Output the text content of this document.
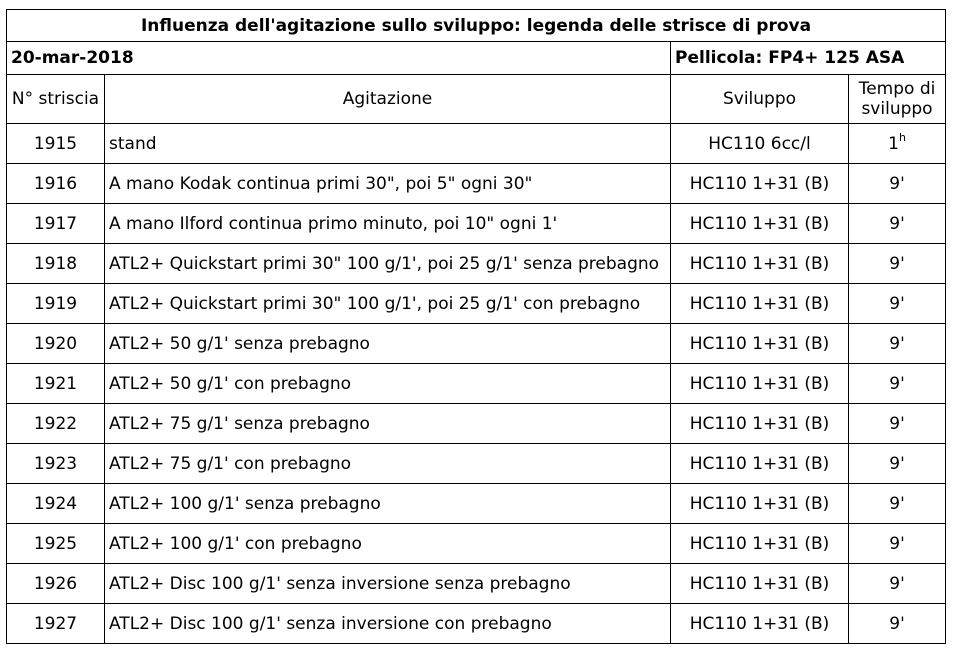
Influenza dell'agitazione sullo sviluppo: legenda delle strisce di prova			
20-mar-2018		Pellicola: FP4+ 125 ASA	
N° striscia	Agitazione	Sviluppo	Tempo di
sviluppo
1915	stand	HC110 6cc/l	1$^h$
1916	A mano Kodak continua primi 30", poi 5" ogni 30"	HC110 1+31 (B)	9'
1917	A mano Ilford continua primo minuto, poi 10" ogni 1'	HC110 1+31 (B)	9'
1918	ATL2+ Quickstart primi 30" 100 g/1', poi 25 g/1' senza prebagno	HC110 1+31 (B)	9'
1919	ATL2+ Quickstart primi 30" 100 g/1', poi 25 g/1' con prebagno	HC110 1+31 (B)	9'
1920	ATL2+ 50 g/1' senza prebagno	HC110 1+31 (B)	9'
1921	ATL2+ 50 g/1' con prebagno	HC110 1+31 (B)	9'
1922	ATL2+ 75 g/1' senza prebagno	HC110 1+31 (B)	9'
1923	ATL2+ 75 g/1' con prebagno	HC110 1+31 (B)	9'
1924	ATL2+ 100 g/1' senza prebagno	HC110 1+31 (B)	9'
1925	ATL2+ 100 g/1' con prebagno	HC110 1+31 (B)	9'
1926	ATL2+ Disc 100 g/1' senza inversione senza prebagno	HC110 1+31 (B)	9'
1927	ATL2+ Disc 100 g/1' senza inversione con prebagno	HC110 1+31 (B)	9'
